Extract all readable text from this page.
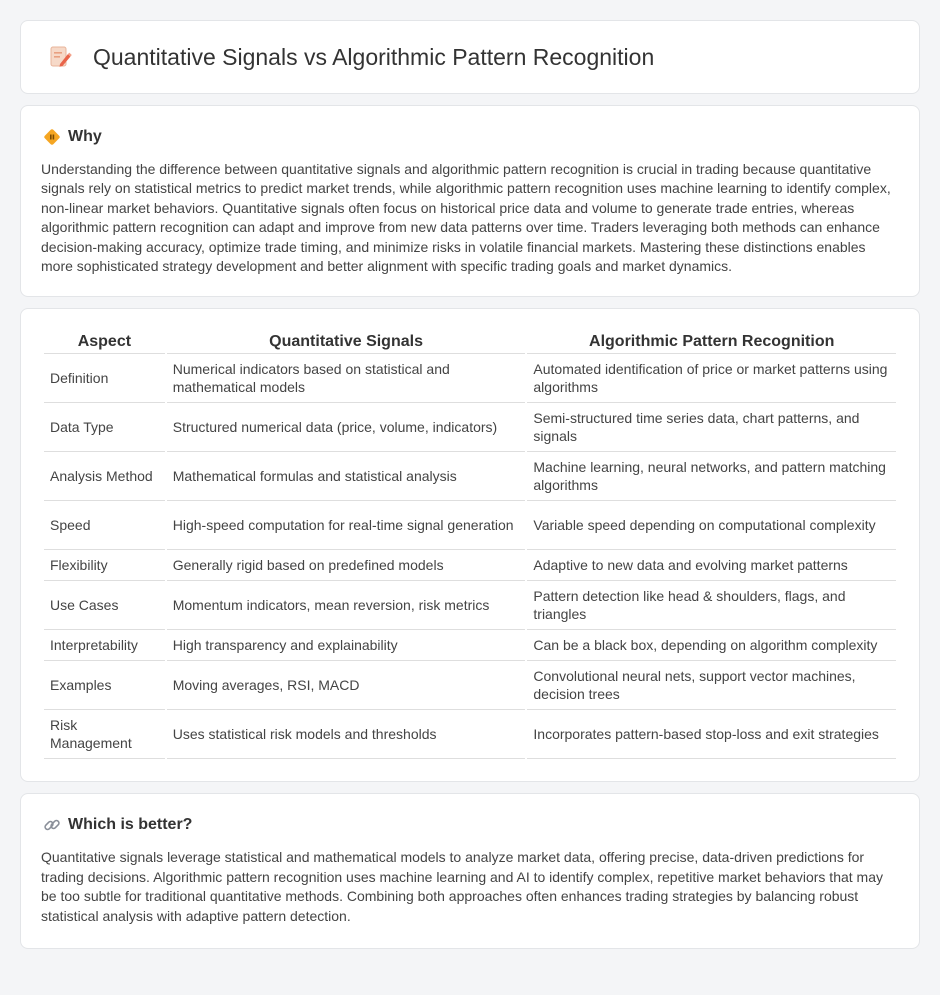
Quantitative Signals vs Algorithmic Pattern Recognition
Why

Understanding the difference between quantitative signals and algorithmic pattern recognition is crucial in trading because quantitative signals rely on statistical metrics to predict market trends, while algorithmic pattern recognition uses machine learning to identify complex, non-linear market behaviors. Quantitative signals often focus on historical price data and volume to generate trade entries, whereas algorithmic pattern recognition can adapt and improve from new data patterns over time. Traders leveraging both methods can enhance decision-making accuracy, optimize trade timing, and minimize risks in volatile financial markets. Mastering these distinctions enables more sophisticated strategy development and better alignment with specific trading goals and market dynamics.

Aspect	Quantitative Signals	Algorithmic Pattern Recognition
Definition	Numerical indicators based on statistical and mathematical models	Automated identification of price or market patterns using algorithms
Data Type	Structured numerical data (price, volume, indicators)	Semi-structured time series data, chart patterns, and signals
Analysis Method	Mathematical formulas and statistical analysis	Machine learning, neural networks, and pattern matching algorithms
Speed	High-speed computation for real-time signal generation	Variable speed depending on computational complexity
Flexibility	Generally rigid based on predefined models	Adaptive to new data and evolving market patterns
Use Cases	Momentum indicators, mean reversion, risk metrics	Pattern detection like head & shoulders, flags, and triangles
Interpretability	High transparency and explainability	Can be a black box, depending on algorithm complexity
Examples	Moving averages, RSI, MACD	Convolutional neural nets, support vector machines, decision trees
Risk Management	Uses statistical risk models and thresholds	Incorporates pattern-based stop-loss and exit strategies
Which is better?

Quantitative signals leverage statistical and mathematical models to analyze market data, offering precise, data-driven predictions for trading decisions. Algorithmic pattern recognition uses machine learning and AI to identify complex, repetitive market behaviors that may be too subtle for traditional quantitative methods. Combining both approaches often enhances trading strategies by balancing robust statistical analysis with adaptive pattern detection.
